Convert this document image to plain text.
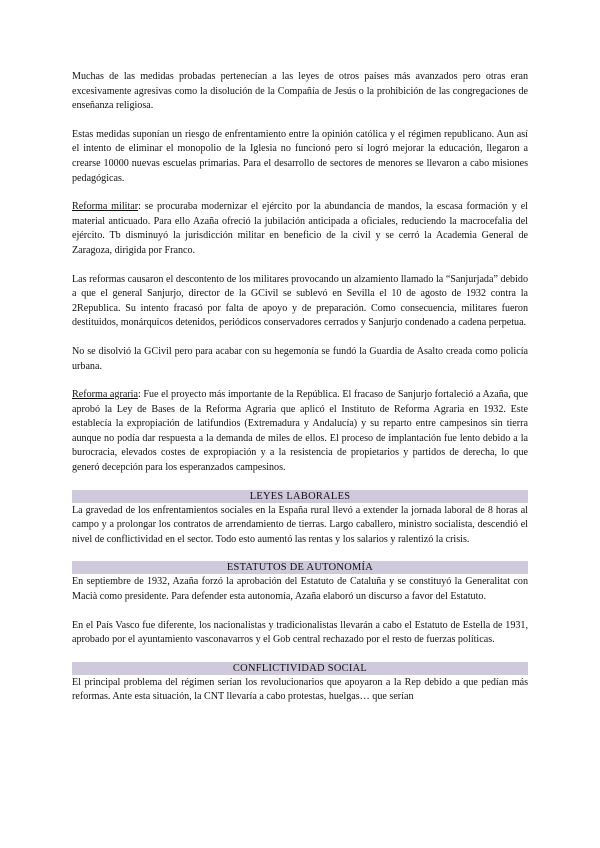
Muchas de las medidas probadas pertenecían a las leyes de otros países más avanzados pero otras eran excesivamente agresivas como la disolución de la Compañía de Jesús o la prohibición de las congregaciones de enseñanza religiosa.

Estas medidas suponían un riesgo de enfrentamiento entre la opinión católica y el régimen republicano. Aun así el intento de eliminar el monopolio de la Iglesia no funcionó pero sí logró mejorar la educación, llegaron a crearse 10000 nuevas escuelas primarias. Para el desarrollo de sectores de menores se llevaron a cabo misiones pedagógicas.

Reforma militar: se procuraba modernizar el ejército por la abundancia de mandos, la escasa formación y el material anticuado. Para ello Azaña ofreció la jubilación anticipada a oficiales, reduciendo la macrocefalia del ejército. Tb disminuyó la jurisdicción militar en beneficio de la civil y se cerró la Academia General de Zaragoza, dirigida por Franco.

Las reformas causaron el descontento de los militares provocando un alzamiento llamado la “Sanjurjada” debido a que el general Sanjurjo, director de la GCivil se sublevó en Sevilla el 10 de agosto de 1932 contra la 2Republica. Su intento fracasó por falta de apoyo y de preparación. Como consecuencia, militares fueron destituidos, monárquicos detenidos, periódicos conservadores cerrados y Sanjurjo condenado a cadena perpetua.

No se disolvió la GCivil pero para acabar con su hegemonía se fundó la Guardia de Asalto creada como policía urbana.

Reforma agraria: Fue el proyecto más importante de la República. El fracaso de Sanjurjo fortaleció a Azaña, que aprobó la Ley de Bases de la Reforma Agraria que aplicó el Instituto de Reforma Agraria en 1932. Este establecía la expropiación de latifundios (Extremadura y Andalucía) y su reparto entre campesinos sin tierra aunque no podía dar respuesta a la demanda de miles de ellos. El proceso de implantación fue lento debido a la burocracia, elevados costes de expropiación y a la resistencia de propietarios y partidos de derecha, lo que generó decepción para los esperanzados campesinos.

LEYES LABORALES

La gravedad de los enfrentamientos sociales en la España rural llevó a extender la jornada laboral de 8 horas al campo y a prolongar los contratos de arrendamiento de tierras. Largo caballero, ministro socialista, descendió el nivel de conflictividad en el sector. Todo esto aumentó las rentas y los salarios y ralentizó la crisis.

ESTATUTOS DE AUTONOMÍA

En septiembre de 1932, Azaña forzó la aprobación del Estatuto de Cataluña y se constituyó la Generalitat con Macià como presidente. Para defender esta autonomía, Azaña elaboró un discurso a favor del Estatuto.

En el País Vasco fue diferente, los nacionalistas y tradicionalistas llevarán a cabo el Estatuto de Estella de 1931, aprobado por el ayuntamiento vasconavarros y el Gob central rechazado por el resto de fuerzas políticas.

CONFLICTIVIDAD SOCIAL

El principal problema del régimen serían los revolucionarios que apoyaron a la Rep debido a que pedían más reformas. Ante esta situación, la CNT llevaría a cabo protestas, huelgas… que serían
